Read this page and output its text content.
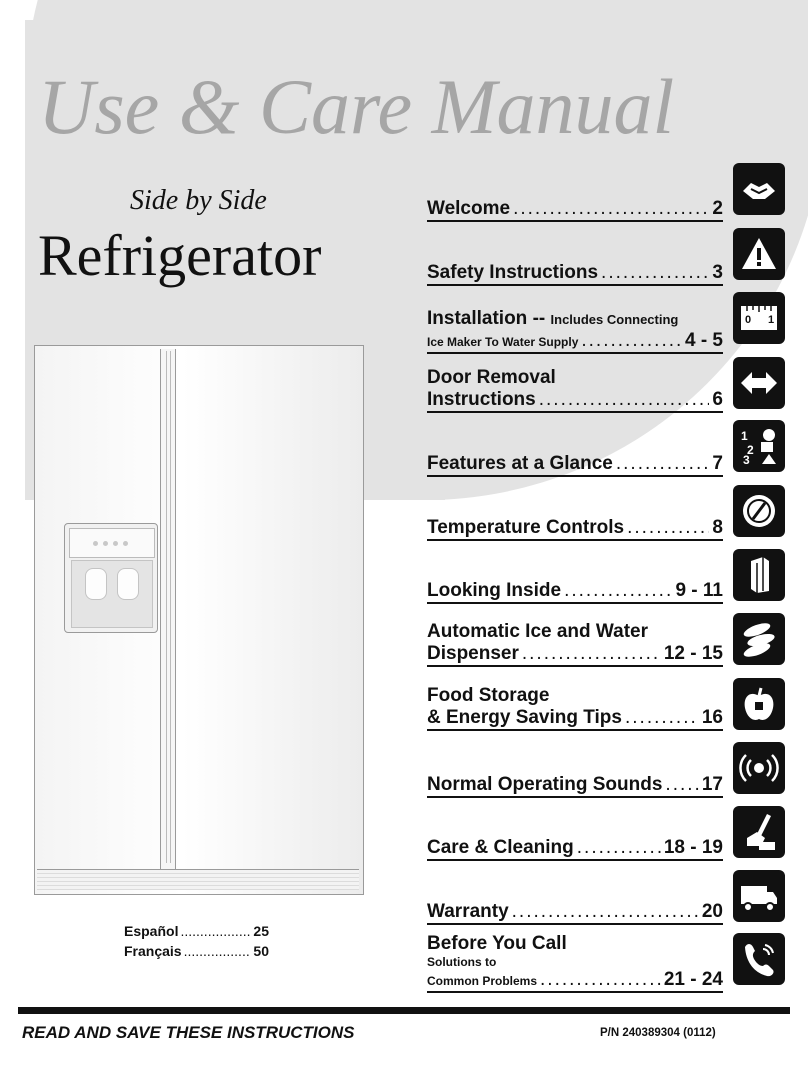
Use & Care Manual
Side by Side
Refrigerator
Español .....	25
Français .....	50
Welcome .....	2
Safety Instructions .....	3
Installation --
Includes Connecting
Ice Maker To Water Supply .....	4 - 5
Door Removal
Instructions .....	6
Features at a Glance .....	7
Temperature Controls .....	8
Looking Inside .....	9 - 11
Automatic Ice and Water
Dispenser .....	12 - 15
Food Storage
& Energy Saving Tips .....	16
Normal Operating Sounds ..... 17
Care & Cleaning .....	18 - 19
Warranty .....	20
Before You Call
Solutions to
Common Problems .....	21 - 24
0 1
1
2
3
READ AND SAVE THESE INSTRUCTIONS	P/N 240389304 (0112)
